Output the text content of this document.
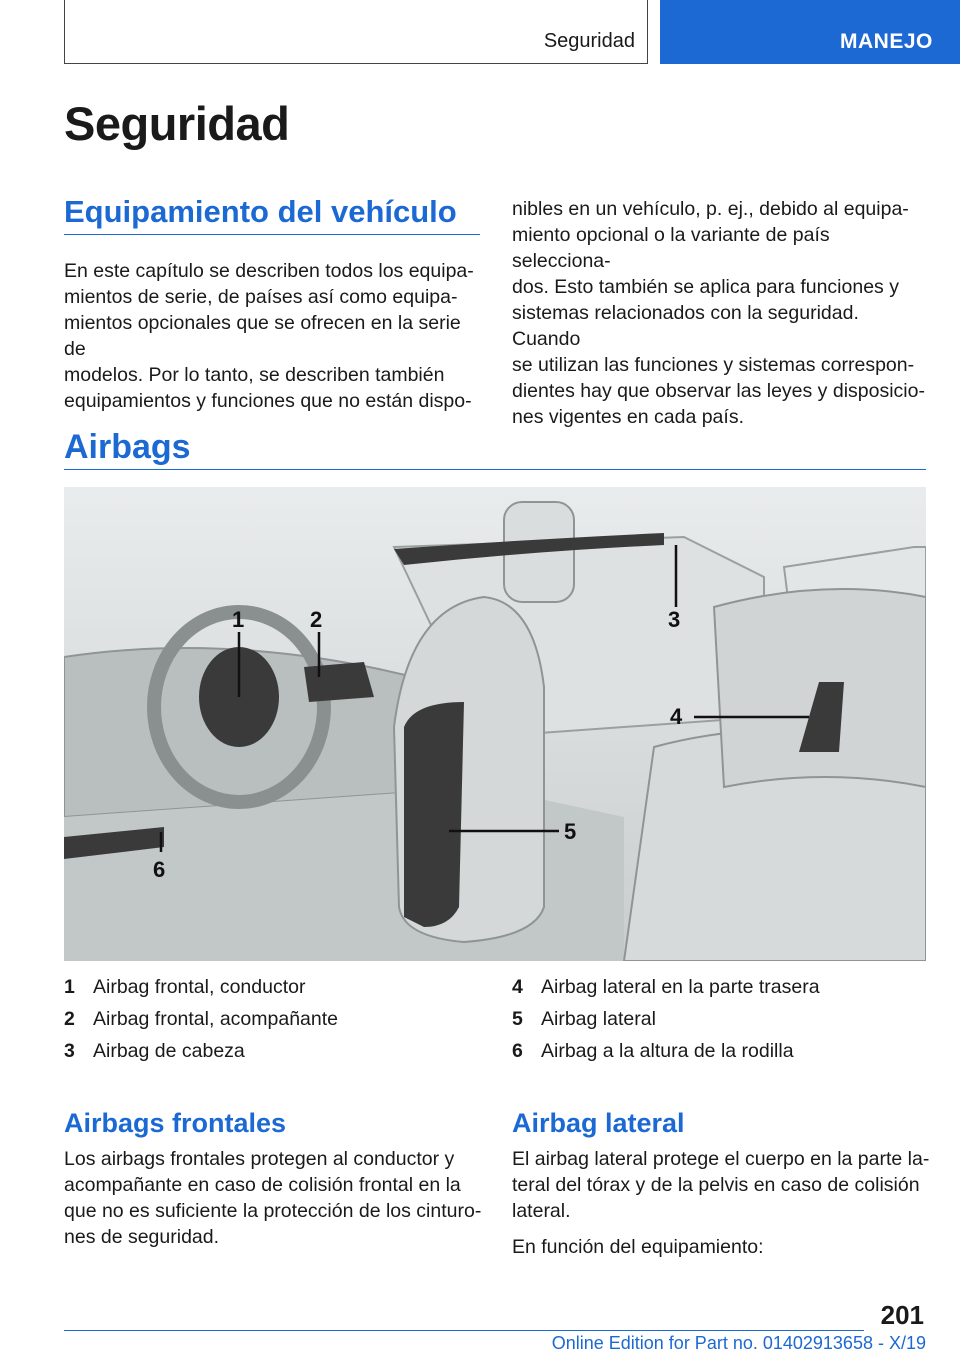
Seguridad	MANEJO
Seguridad
Equipamiento del vehículo

En este capítulo se describen todos los equipa-

mientos de serie, de países así como equipa-

mientos opcionales que se ofrecen en la serie de

modelos. Por lo tanto, se describen también

equipamientos y funciones que no están dispo-

nibles en un vehículo, p. ej., debido al equipa-

miento opcional o la variante de país selecciona-

dos. Esto también se aplica para funciones y

sistemas relacionados con la seguridad. Cuando

se utilizan las funciones y sistemas correspon-

dientes hay que observar las leyes y disposicio-

nes vigentes en cada país.

Airbags
1	2	3
4
5
6
1 Airbag frontal, conductor
2 Airbag frontal, acompañante
3 Airbag de cabeza
4 Airbag lateral en la parte trasera
5 Airbag lateral
6 Airbag a la altura de la rodilla
Airbags frontales

Los airbags frontales protegen al conductor y

acompañante en caso de colisión frontal en la

que no es suficiente la protección de los cinturo-

nes de seguridad.

Airbag lateral

El airbag lateral protege el cuerpo en la parte la-

teral del tórax y de la pelvis en caso de colisión

lateral.

En función del equipamiento:

201
Online Edition for Part no. 01402913658 - X/19
